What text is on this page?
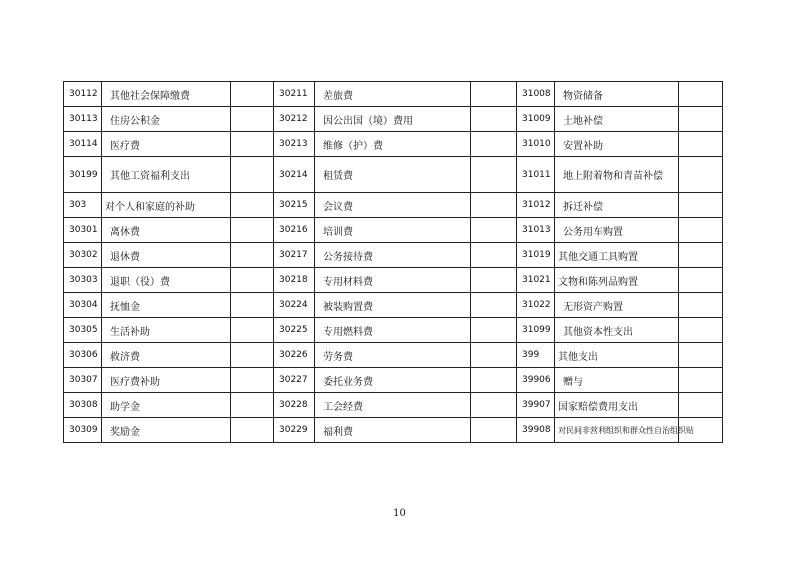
30112	其他社会保障缴费		30211	差旅费		31008	物资储备	
30113	住房公积金		30212	因公出国（境）费用		31009	土地补偿	
30114	医疗费		30213	维修（护）费		31010	安置补助	
30199	其他工资福利支出		30214	租赁费		31011	地上附着物和青苗补偿	
303	对个人和家庭的补助		30215	会议费		31012	拆迁补偿	
30301	离休费		30216	培训费		31013	公务用车购置	
30302	退休费		30217	公务接待费		31019	其他交通工具购置	
30303	退职（役）费		30218	专用材料费		31021	文物和陈列品购置	
30304	抚恤金		30224	被装购置费		31022	无形资产购置	
30305	生活补助		30225	专用燃料费		31099	其他资本性支出	
30306	救济费		30226	劳务费		399	其他支出	
30307	医疗费补助		30227	委托业务费		39906	赠与	
30308	助学金		30228	工会经费		39907	国家赔偿费用支出	
30309	奖励金		30229	福利费		39908	对民间非营利组织和群众性自治组织贴	
10
